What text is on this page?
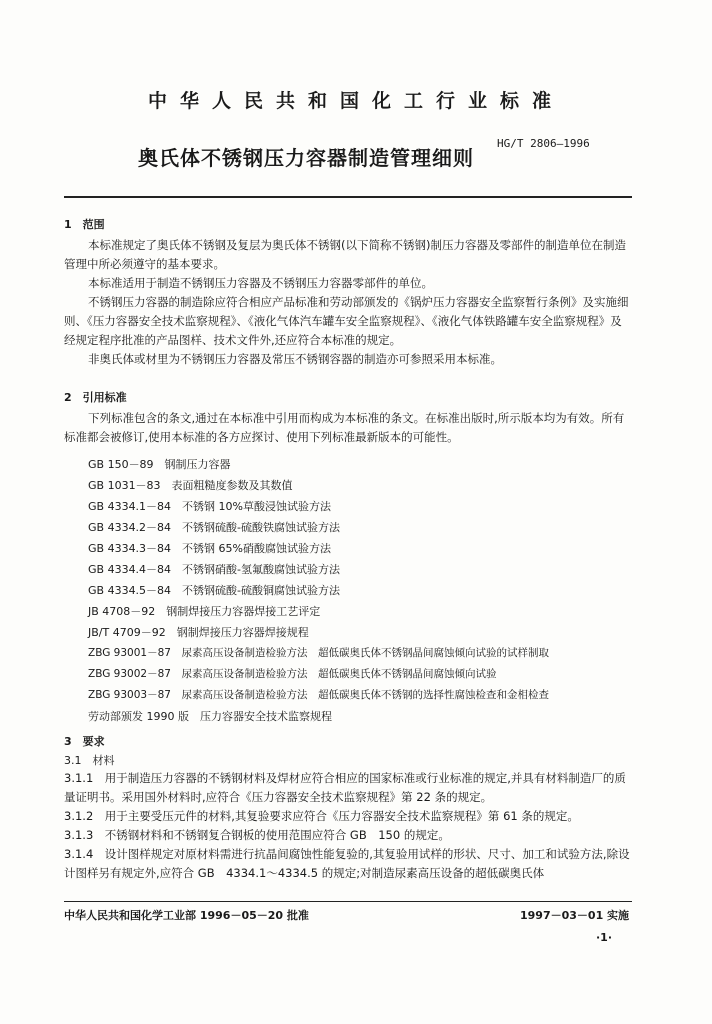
中华人民共和国化工行业标准
奥氏体不锈钢压力容器制造管理细则
HG/T 2806—1996
1　范围
本标准规定了奥氏体不锈钢及复层为奥氏体不锈钢(以下简称不锈钢)制压力容器及零部件的制造单位在制造管理中所必须遵守的基本要求。
本标准适用于制造不锈钢压力容器及不锈钢压力容器零部件的单位。
不锈钢压力容器的制造除应符合相应产品标准和劳动部颁发的《锅炉压力容器安全监察暂行条例》及实施细则、《压力容器安全技术监察规程》、《液化气体汽车罐车安全监察规程》、《液化气体铁路罐车安全监察规程》及经规定程序批准的产品图样、技术文件外,还应符合本标准的规定。
非奥氏体或材里为不锈钢压力容器及常压不锈钢容器的制造亦可参照采用本标准。
2　引用标准
下列标准包含的条文,通过在本标准中引用而构成为本标准的条文。在标准出版时,所示版本均为有效。所有标准都会被修订,使用本标准的各方应探讨、使用下列标准最新版本的可能性。
GB 150－89　钢制压力容器
GB 1031－83　表面粗糙度参数及其数值
GB 4334.1－84　不锈钢 10%草酸浸蚀试验方法
GB 4334.2－84　不锈钢硫酸-硫酸铁腐蚀试验方法
GB 4334.3－84　不锈钢 65%硝酸腐蚀试验方法
GB 4334.4－84　不锈钢硝酸-氢氟酸腐蚀试验方法
GB 4334.5－84　不锈钢硫酸-硫酸铜腐蚀试验方法
JB 4708－92　钢制焊接压力容器焊接工艺评定
JB/T 4709－92　钢制焊接压力容器焊接规程
ZBG 93001－87　尿素高压设备制造检验方法　超低碳奥氏体不锈钢晶间腐蚀倾向试验的试样制取
ZBG 93002－87　尿素高压设备制造检验方法　超低碳奥氏体不锈钢晶间腐蚀倾向试验
ZBG 93003－87　尿素高压设备制造检验方法　超低碳奥氏体不锈钢的选择性腐蚀检查和金相检查
劳动部颁发 1990 版　压力容器安全技术监察规程
3　要求
3.1　材料
3.1.1　用于制造压力容器的不锈钢材料及焊材应符合相应的国家标准或行业标准的规定,并具有材料制造厂的质量证明书。采用国外材料时,应符合《压力容器安全技术监察规程》第 22 条的规定。
3.1.2　用于主要受压元件的材料,其复验要求应符合《压力容器安全技术监察规程》第 61 条的规定。
3.1.3　不锈钢材料和不锈钢复合钢板的使用范围应符合 GB　150 的规定。
3.1.4　设计图样规定对原材料需进行抗晶间腐蚀性能复验的,其复验用试样的形状、尺寸、加工和试验方法,除设计图样另有规定外,应符合 GB　4334.1～4334.5 的规定;对制造尿素高压设备的超低碳奥氏体
中华人民共和国化学工业部 1996－05－20 批准	1997－03－01 实施
·1·
